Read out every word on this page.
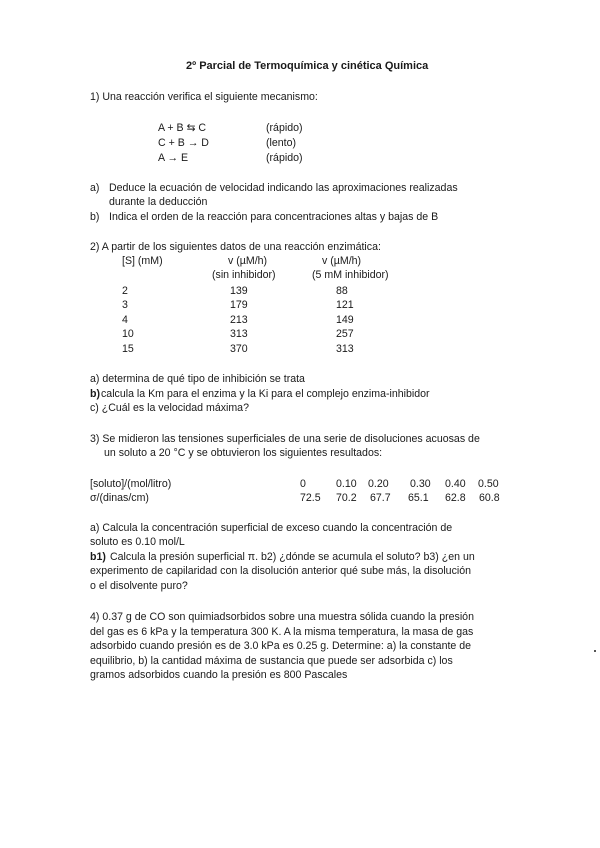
2º Parcial de Termoquímica y cinética Química
1) Una reacción verifica el siguiente mecanismo:
A + B ⇆ C	(rápido)
C + B → D	(lento)
A → E	(rápido)
a) Deduce la ecuación de velocidad indicando las aproximaciones realizadas
durante la deducción
b) Indica el orden de la reacción para concentraciones altas y bajas de B
2) A partir de los siguientes datos de una reacción enzimática:
[S] (mM)	v (µM/h)	v (µM/h)
(sin inhibidor)	(5 mM inhibidor)
2	139	88
3	179	121
4	213	149
10	313	257
15	370	313
a) determina de qué tipo de inhibición se trata
b) calcula la Km para el enzima y la Ki para el complejo enzima-inhibidor
c) ¿Cuál es la velocidad máxima?
3) Se midieron las tensiones superficiales de una serie de disoluciones acuosas de
un soluto a 20 °C y se obtuvieron los siguientes resultados:
[soluto]/(mol/litro)	0	0.10 0.20 0.30 0.40 0.50
σ/(dinas/cm)	72.5 70.2 67.7 65.1 62.8 60.8
a) Calcula la concentración superficial de exceso cuando la concentración de
soluto es 0.10 mol/L
b1) Calcula la presión superficial π. b2) ¿dónde se acumula el soluto? b3) ¿en un
experimento de capilaridad con la disolución anterior qué sube más, la disolución
o el disolvente puro?
4) 0.37 g de CO son quimiadsorbidos sobre una muestra sólida cuando la presión
del gas es 6 kPa y la temperatura 300 K. A la misma temperatura, la masa de gas
adsorbido cuando presión es de 3.0 kPa es 0.25 g. Determine: a) la constante de
equilibrio, b) la cantidad máxima de sustancia que puede ser adsorbida c) los
gramos adsorbidos cuando la presión es 800 Pascales
